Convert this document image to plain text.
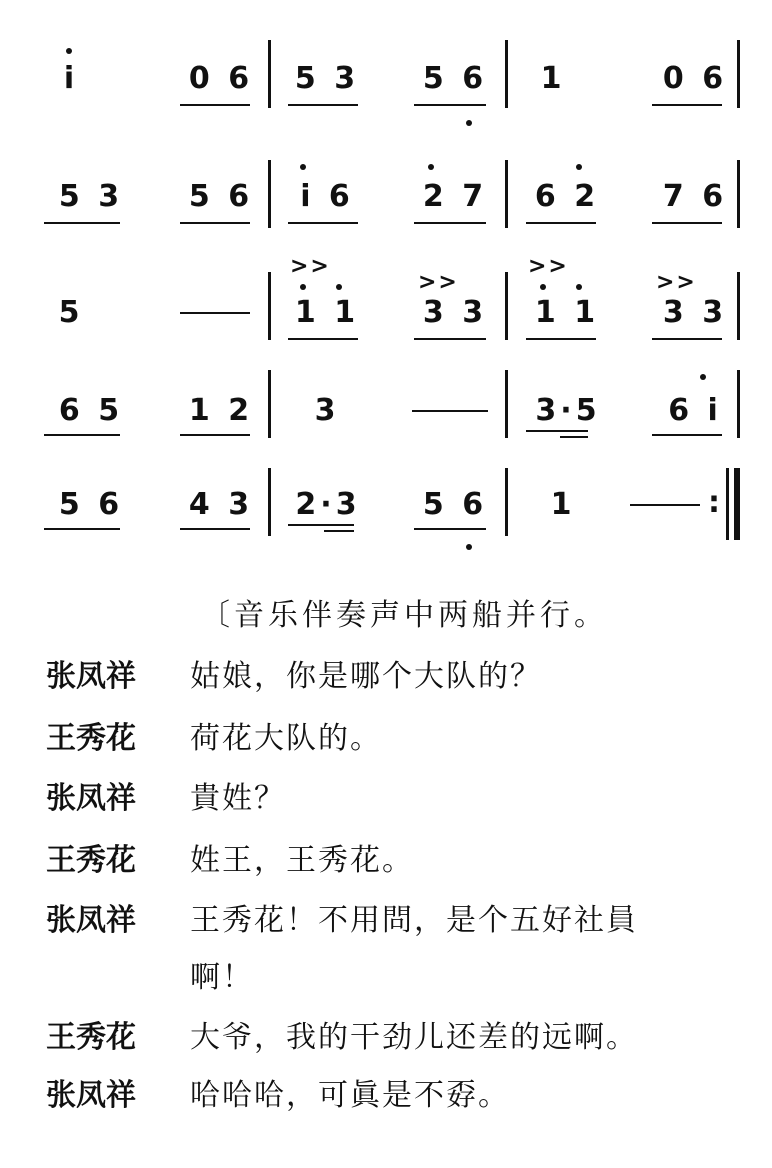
i	0 6 5 3 5 6 1	0 6
5 3 5 6 i 6 2 7 6 2 7 6
5
>>
1 1
>>
3 3
>>
1 1
>>
3 3
6 5 1 2 3	3·5 6 i
5 6 4 3 2·3 5 6 1	:
〔音乐伴奏声中两船并行。
张凤祥 姑娘，你是哪个大队的？
王秀花 荷花大队的。
张凤祥 貴姓？
王秀花 姓王，王秀花。
张凤祥 王秀花！不用問，是个五好社員
啊！
王秀花 大爷，我的干劲儿还差的远啊。
张凤祥 哈哈哈，可眞是不孬。
